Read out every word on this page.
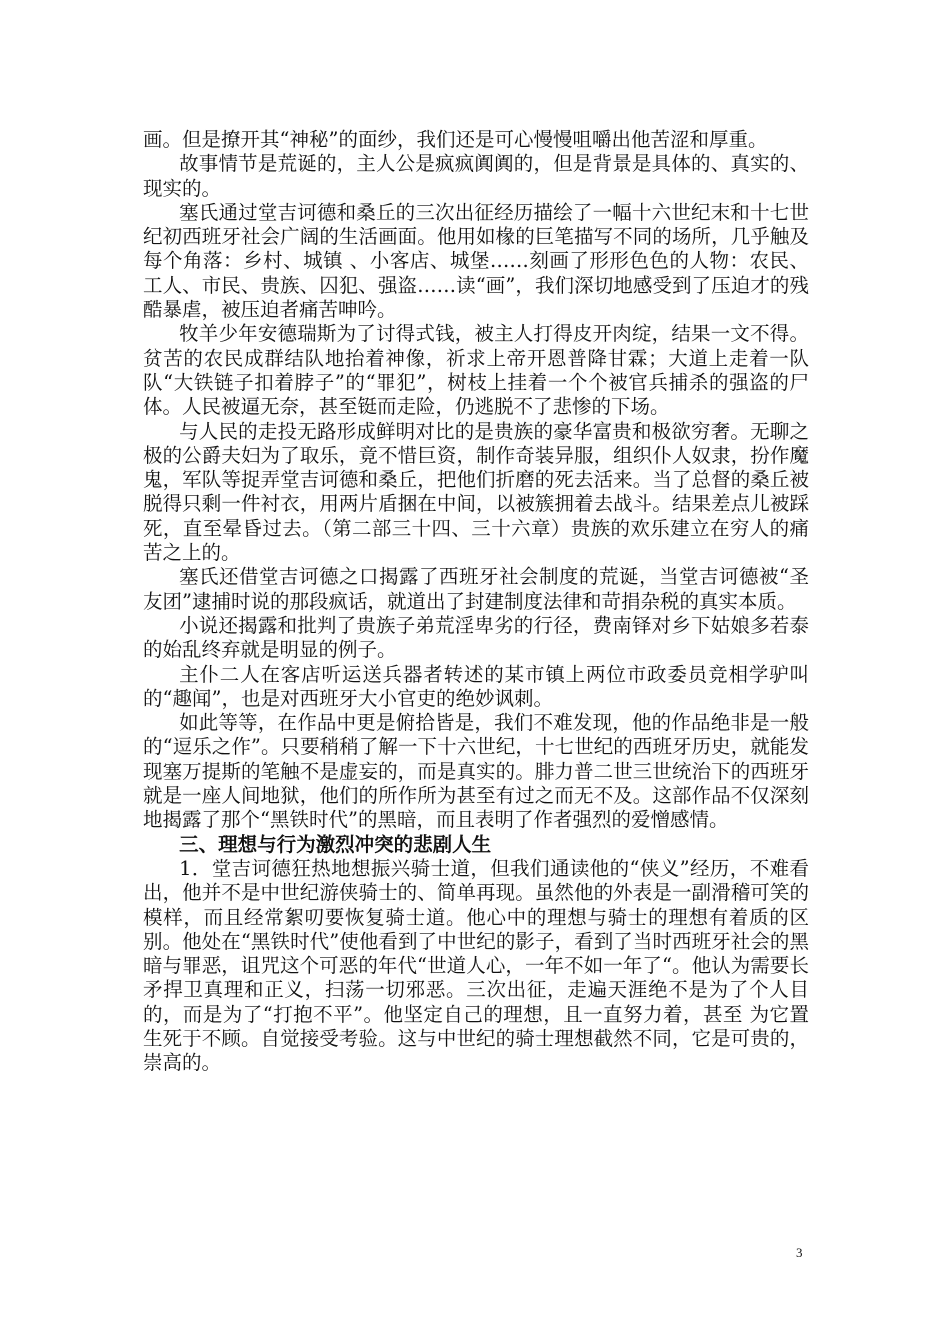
画。但是撩开其“神秘”的面纱，我们还是可心慢慢咀嚼出他苦涩和厚重。

故事情节是荒诞的，主人公是疯疯阗阗的，但是背景是具体的、真实的、现实的。

塞氏通过堂吉诃德和桑丘的三次出征经历描绘了一幅十六世纪末和十七世纪初西班牙社会广阔的生活画面。他用如椽的巨笔描写不同的场所，几乎触及每个角落：乡村、城镇 、小客店、城堡……刻画了形形色色的人物：农民、工人、市民、贵族、囚犯、强盗……读“画”，我们深切地感受到了压迫才的残酷暴虐，被压迫者痛苦呻吟。

牧羊少年安德瑞斯为了讨得式钱，被主人打得皮开肉绽，结果一文不得。贫苦的农民成群结队地抬着神像，祈求上帝开恩普降甘霖；大道上走着一队队“大铁链子扣着脖子”的“罪犯”，树枝上挂着一个个被官兵捕杀的强盗的尸体。人民被逼无奈，甚至铤而走险，仍逃脱不了悲惨的下场。

与人民的走投无路形成鲜明对比的是贵族的豪华富贵和极欲穷奢。无聊之极的公爵夫妇为了取乐，竟不惜巨资，制作奇装异服，组织仆人奴隶，扮作魔鬼，军队等捉弄堂吉诃德和桑丘，把他们折磨的死去活来。当了总督的桑丘被脱得只剩一件衬衣，用两片盾捆在中间，以被簇拥着去战斗。结果差点儿被踩死，直至晕昏过去。（第二部三十四、三十六章）贵族的欢乐建立在穷人的痛苦之上的。

塞氏还借堂吉诃德之口揭露了西班牙社会制度的荒诞，当堂吉诃德被“圣友团”逮捕时说的那段疯话，就道出了封建制度法律和苛捐杂税的真实本质。

小说还揭露和批判了贵族子弟荒淫卑劣的行径，费南铎对乡下姑娘多若泰的始乱终弃就是明显的例子。

主仆二人在客店听运送兵器者转述的某市镇上两位市政委员竞相学驴叫的“趣闻”，也是对西班牙大小官吏的绝妙讽刺。

如此等等，在作品中更是俯拾皆是，我们不难发现，他的作品绝非是一般的“逗乐之作”。只要稍稍了解一下十六世纪，十七世纪的西班牙历史，就能发现塞万提斯的笔触不是虚妄的，而是真实的。腓力普二世三世统治下的西班牙就是一座人间地狱，他们的所作所为甚至有过之而无不及。这部作品不仅深刻地揭露了那个“黑铁时代”的黑暗，而且表明了作者强烈的爱憎感情。

三、理想与行为激烈冲突的悲剧人生

1．堂吉诃德狂热地想振兴骑士道，但我们通读他的“侠义”经历，不难看出，他并不是中世纪游侠骑士的、简单再现。虽然他的外表是一副滑稽可笑的模样，而且经常絮叨要恢复骑士道。他心中的理想与骑士的理想有着质的区别。他处在“黑铁时代”使他看到了中世纪的影子，看到了当时西班牙社会的黑暗与罪恶，诅咒这个可恶的年代“世道人心，一年不如一年了“。他认为需要长矛捍卫真理和正义，扫荡一切邪恶。三次出征，走遍天涯绝不是为了个人目的，而是为了“打抱不平”。他坚定自己的理想，且一直努力着，甚至 为它置生死于不顾。自觉接受考验。这与中世纪的骑士理想截然不同，它是可贵的，崇高的。

3
